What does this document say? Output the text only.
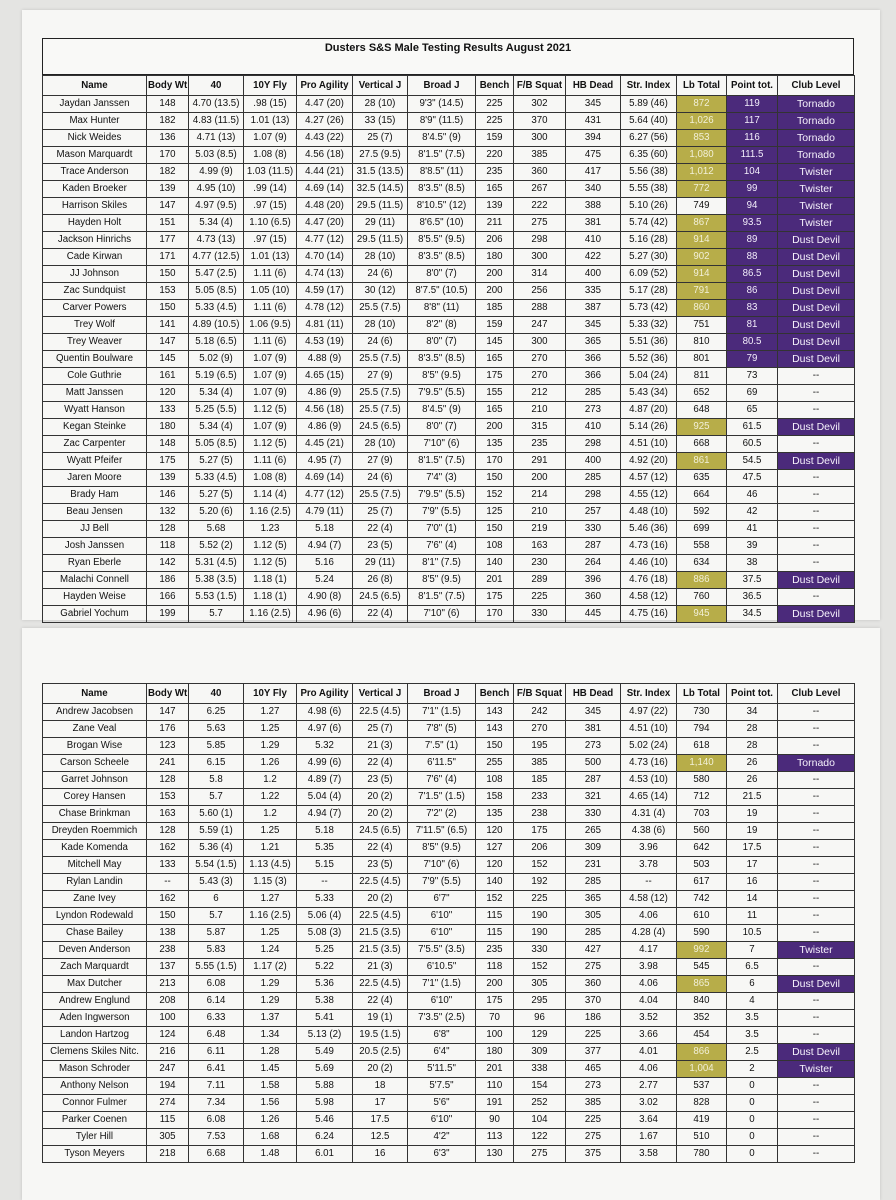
Dusters S&S Male Testing Results August 2021
Name	Body Wt	40	10Y Fly	Pro Agility	Vertical J	Broad J	Bench	F/B Squat	HB Dead	Str. Index	Lb Total	Point tot.	Club Level
Jaydan Janssen	148	4.70 (13.5)	.98 (15)	4.47 (20)	28 (10)	9'3" (14.5)	225	302	345	5.89 (46)	872	119	Tornado
Max Hunter	182	4.83 (11.5)	1.01 (13)	4.27 (26)	33 (15)	8'9" (11.5)	225	370	431	5.64 (40)	1,026	117	Tornado
Nick Weides	136	4.71 (13)	1.07 (9)	4.43 (22)	25 (7)	8'4.5" (9)	159	300	394	6.27 (56)	853	116	Tornado
Mason Marquardt	170	5.03 (8.5)	1.08 (8)	4.56 (18)	27.5 (9.5)	8'1.5" (7.5)	220	385	475	6.35 (60)	1,080	111.5	Tornado
Trace Anderson	182	4.99 (9)	1.03 (11.5)	4.44 (21)	31.5 (13.5)	8'8.5" (11)	235	360	417	5.56 (38)	1,012	104	Twister
Kaden Broeker	139	4.95 (10)	.99 (14)	4.69 (14)	32.5 (14.5)	8'3.5" (8.5)	165	267	340	5.55 (38)	772	99	Twister
Harrison Skiles	147	4.97 (9.5)	.97 (15)	4.48 (20)	29.5 (11.5)	8'10.5" (12)	139	222	388	5.10 (26)	749	94	Twister
Hayden Holt	151	5.34 (4)	1.10 (6.5)	4.47 (20)	29 (11)	8'6.5" (10)	211	275	381	5.74 (42)	867	93.5	Twister
Jackson Hinrichs	177	4.73 (13)	.97 (15)	4.77 (12)	29.5 (11.5)	8'5.5" (9.5)	206	298	410	5.16 (28)	914	89	Dust Devil
Cade Kirwan	171	4.77 (12.5)	1.01 (13)	4.70 (14)	28 (10)	8'3.5" (8.5)	180	300	422	5.27 (30)	902	88	Dust Devil
JJ Johnson	150	5.47 (2.5)	1.11 (6)	4.74 (13)	24 (6)	8'0" (7)	200	314	400	6.09 (52)	914	86.5	Dust Devil
Zac Sundquist	153	5.05 (8.5)	1.05 (10)	4.59 (17)	30 (12)	8'7.5" (10.5)	200	256	335	5.17 (28)	791	86	Dust Devil
Carver Powers	150	5.33 (4.5)	1.11 (6)	4.78 (12)	25.5 (7.5)	8'8" (11)	185	288	387	5.73 (42)	860	83	Dust Devil
Trey Wolf	141	4.89 (10.5)	1.06 (9.5)	4.81 (11)	28 (10)	8'2" (8)	159	247	345	5.33 (32)	751	81	Dust Devil
Trey Weaver	147	5.18 (6.5)	1.11 (6)	4.53 (19)	24 (6)	8'0" (7)	145	300	365	5.51 (36)	810	80.5	Dust Devil
Quentin Boulware	145	5.02 (9)	1.07 (9)	4.88 (9)	25.5 (7.5)	8'3.5" (8.5)	165	270	366	5.52 (36)	801	79	Dust Devil
Cole Guthrie	161	5.19 (6.5)	1.07 (9)	4.65 (15)	27 (9)	8'5" (9.5)	175	270	366	5.04 (24)	811	73	--
Matt Janssen	120	5.34 (4)	1.07 (9)	4.86 (9)	25.5 (7.5)	7'9.5" (5.5)	155	212	285	5.43 (34)	652	69	--
Wyatt Hanson	133	5.25 (5.5)	1.12 (5)	4.56 (18)	25.5 (7.5)	8'4.5" (9)	165	210	273	4.87 (20)	648	65	--
Kegan Steinke	180	5.34 (4)	1.07 (9)	4.86 (9)	24.5 (6.5)	8'0" (7)	200	315	410	5.14 (26)	925	61.5	Dust Devil
Zac Carpenter	148	5.05 (8.5)	1.12 (5)	4.45 (21)	28 (10)	7'10" (6)	135	235	298	4.51 (10)	668	60.5	--
Wyatt Pfeifer	175	5.27 (5)	1.11 (6)	4.95 (7)	27 (9)	8'1.5" (7.5)	170	291	400	4.92 (20)	861	54.5	Dust Devil
Jaren Moore	139	5.33 (4.5)	1.08 (8)	4.69 (14)	24 (6)	7'4" (3)	150	200	285	4.57 (12)	635	47.5	--
Brady Ham	146	5.27 (5)	1.14 (4)	4.77 (12)	25.5 (7.5)	7'9.5" (5.5)	152	214	298	4.55 (12)	664	46	--
Beau Jensen	132	5.20 (6)	1.16 (2.5)	4.79 (11)	25 (7)	7'9" (5.5)	125	210	257	4.48 (10)	592	42	--
JJ Bell	128	5.68	1.23	5.18	22 (4)	7'0" (1)	150	219	330	5.46 (36)	699	41	--
Josh Janssen	118	5.52 (2)	1.12 (5)	4.94 (7)	23 (5)	7'6" (4)	108	163	287	4.73 (16)	558	39	--
Ryan Eberle	142	5.31 (4.5)	1.12 (5)	5.16	29 (11)	8'1" (7.5)	140	230	264	4.46 (10)	634	38	--
Malachi Connell	186	5.38 (3.5)	1.18 (1)	5.24	26 (8)	8'5" (9.5)	201	289	396	4.76 (18)	886	37.5	Dust Devil
Hayden Weise	166	5.53 (1.5)	1.18 (1)	4.90 (8)	24.5 (6.5)	8'1.5" (7.5)	175	225	360	4.58 (12)	760	36.5	--
Gabriel Yochum	199	5.7	1.16 (2.5)	4.96 (6)	22 (4)	7'10" (6)	170	330	445	4.75 (16)	945	34.5	Dust Devil
Name	Body Wt	40	10Y Fly	Pro Agility	Vertical J	Broad J	Bench	F/B Squat	HB Dead	Str. Index	Lb Total	Point tot.	Club Level
Andrew Jacobsen	147	6.25	1.27	4.98 (6)	22.5 (4.5)	7'1" (1.5)	143	242	345	4.97 (22)	730	34	--
Zane Veal	176	5.63	1.25	4.97 (6)	25 (7)	7'8" (5)	143	270	381	4.51 (10)	794	28	--
Brogan Wise	123	5.85	1.29	5.32	21 (3)	7'.5" (1)	150	195	273	5.02 (24)	618	28	--
Carson Scheele	241	6.15	1.26	4.99 (6)	22 (4)	6'11.5"	255	385	500	4.73 (16)	1,140	26	Tornado
Garret Johnson	128	5.8	1.2	4.89 (7)	23 (5)	7'6" (4)	108	185	287	4.53 (10)	580	26	--
Corey Hansen	153	5.7	1.22	5.04 (4)	20 (2)	7'1.5" (1.5)	158	233	321	4.65 (14)	712	21.5	--
Chase Brinkman	163	5.60 (1)	1.2	4.94 (7)	20 (2)	7'2" (2)	135	238	330	4.31 (4)	703	19	--
Dreyden Roemmich	128	5.59 (1)	1.25	5.18	24.5 (6.5)	7'11.5" (6.5)	120	175	265	4.38 (6)	560	19	--
Kade Komenda	162	5.36 (4)	1.21	5.35	22 (4)	8'5" (9.5)	127	206	309	3.96	642	17.5	--
Mitchell May	133	5.54 (1.5)	1.13 (4.5)	5.15	23 (5)	7'10" (6)	120	152	231	3.78	503	17	--
Rylan Landin	--	5.43 (3)	1.15 (3)	--	22.5 (4.5)	7'9" (5.5)	140	192	285	--	617	16	--
Zane Ivey	162	6	1.27	5.33	20 (2)	6'7"	152	225	365	4.58 (12)	742	14	--
Lyndon Rodewald	150	5.7	1.16 (2.5)	5.06 (4)	22.5 (4.5)	6'10"	115	190	305	4.06	610	11	--
Chase Bailey	138	5.87	1.25	5.08 (3)	21.5 (3.5)	6'10"	115	190	285	4.28 (4)	590	10.5	--
Deven Anderson	238	5.83	1.24	5.25	21.5 (3.5)	7'5.5" (3.5)	235	330	427	4.17	992	7	Twister
Zach Marquardt	137	5.55 (1.5)	1.17 (2)	5.22	21 (3)	6'10.5"	118	152	275	3.98	545	6.5	--
Max Dutcher	213	6.08	1.29	5.36	22.5 (4.5)	7'1" (1.5)	200	305	360	4.06	865	6	Dust Devil
Andrew Englund	208	6.14	1.29	5.38	22 (4)	6'10"	175	295	370	4.04	840	4	--
Aden Ingwerson	100	6.33	1.37	5.41	19 (1)	7'3.5" (2.5)	70	96	186	3.52	352	3.5	--
Landon Hartzog	124	6.48	1.34	5.13 (2)	19.5 (1.5)	6'8"	100	129	225	3.66	454	3.5	--
Clemens Skiles Nitc.	216	6.11	1.28	5.49	20.5 (2.5)	6'4"	180	309	377	4.01	866	2.5	Dust Devil
Mason Schroder	247	6.41	1.45	5.69	20 (2)	5'11.5"	201	338	465	4.06	1,004	2	Twister
Anthony Nelson	194	7.11	1.58	5.88	18	5'7.5"	110	154	273	2.77	537	0	--
Connor Fulmer	274	7.34	1.56	5.98	17	5'6"	191	252	385	3.02	828	0	--
Parker Coenen	115	6.08	1.26	5.46	17.5	6'10"	90	104	225	3.64	419	0	--
Tyler Hill	305	7.53	1.68	6.24	12.5	4'2"	113	122	275	1.67	510	0	--
Tyson Meyers	218	6.68	1.48	6.01	16	6'3"	130	275	375	3.58	780	0	--
